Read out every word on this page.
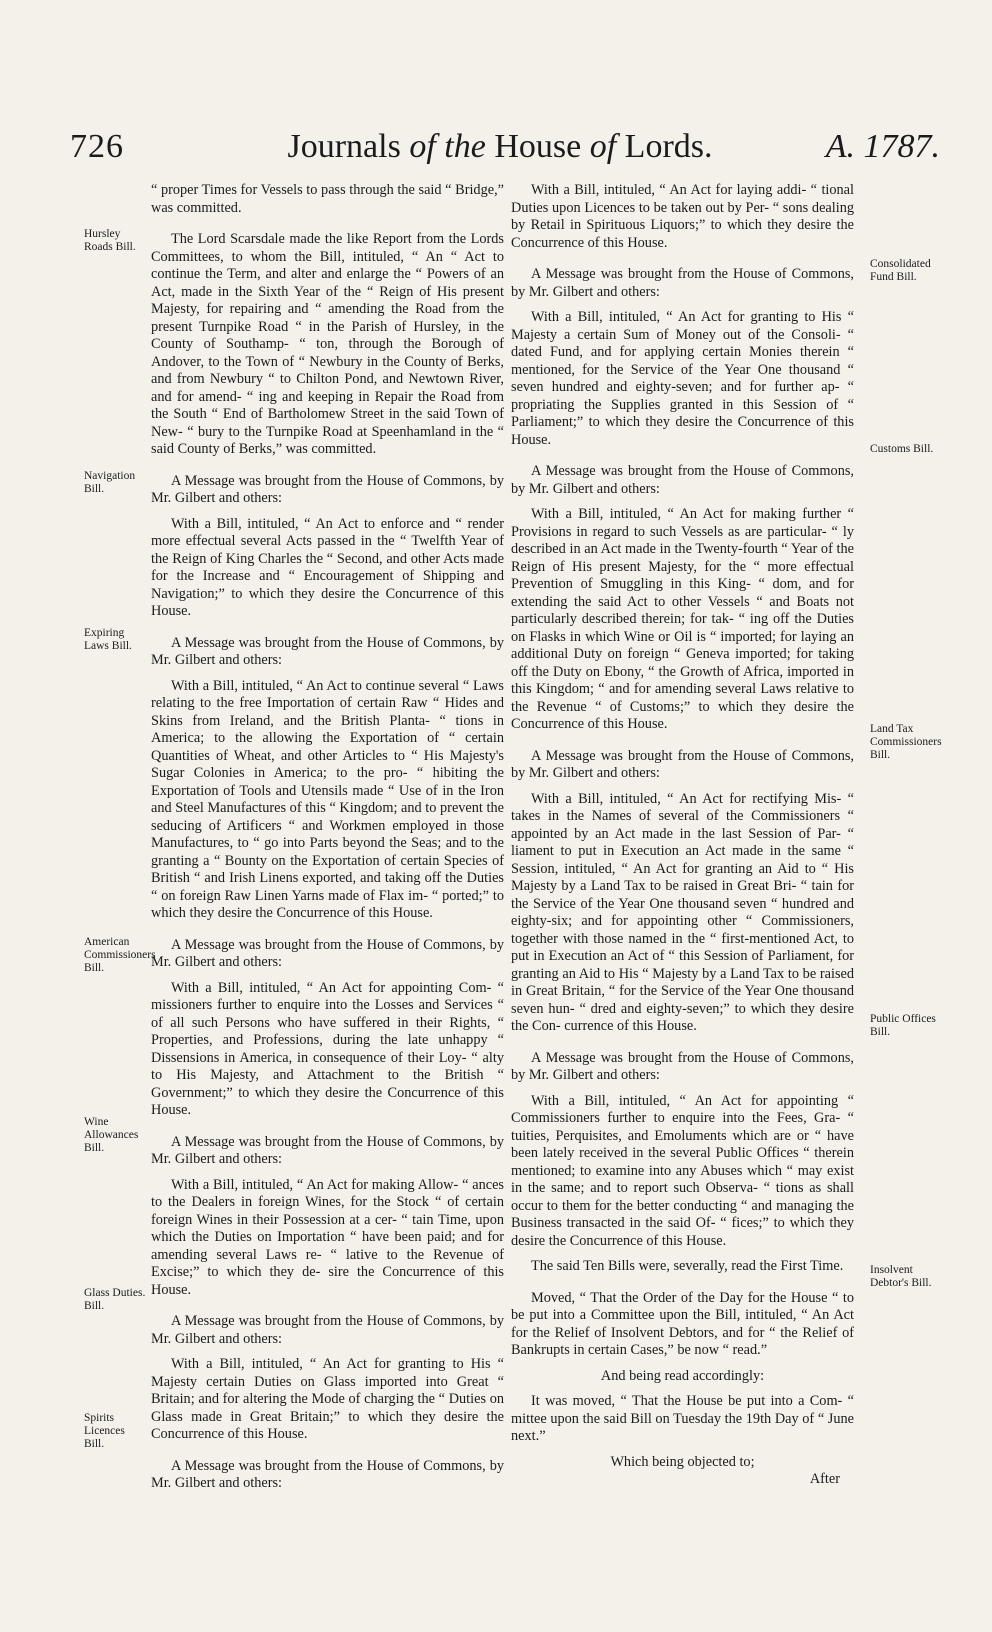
726	Journals of the House of Lords.	A. 1787.
Hursley Roads Bill.
Navigation Bill.
Expiring Laws Bill.
American Commissioners Bill.
Wine Allowances Bill.
Glass Duties. Bill.
Spirits Licences Bill.
Consolidated Fund Bill.
Customs Bill.
Land Tax Commissioners Bill.
Public Offices Bill.
Insolvent Debtor's Bill.

“ proper Times for Vessels to pass through the said “ Bridge,” was committed.

The Lord Scarsdale made the like Report from the Lords Committees, to whom the Bill, intituled, “ An “ Act to continue the Term, and alter and enlarge the “ Powers of an Act, made in the Sixth Year of the “ Reign of His present Majesty, for repairing and “ amending the Road from the present Turnpike Road “ in the Parish of Hursley, in the County of Southamp- “ ton, through the Borough of Andover, to the Town of “ Newbury in the County of Berks, and from Newbury “ to Chilton Pond, and Newtown River, and for amend- “ ing and keeping in Repair the Road from the South “ End of Bartholomew Street in the said Town of New- “ bury to the Turnpike Road at Speenhamland in the “ said County of Berks,” was committed.

A Message was brought from the House of Commons, by Mr. Gilbert and others:

With a Bill, intituled, “ An Act to enforce and “ render more effectual several Acts passed in the “ Twelfth Year of the Reign of King Charles the “ Second, and other Acts made for the Increase and “ Encouragement of Shipping and Navigation;” to which they desire the Concurrence of this House.

A Message was brought from the House of Commons, by Mr. Gilbert and others:

With a Bill, intituled, “ An Act to continue several “ Laws relating to the free Importation of certain Raw “ Hides and Skins from Ireland, and the British Planta- “ tions in America; to the allowing the Exportation of “ certain Quantities of Wheat, and other Articles to “ His Majesty's Sugar Colonies in America; to the pro- “ hibiting the Exportation of Tools and Utensils made “ Use of in the Iron and Steel Manufactures of this “ Kingdom; and to prevent the seducing of Artificers “ and Workmen employed in those Manufactures, to “ go into Parts beyond the Seas; and to the granting a “ Bounty on the Exportation of certain Species of British “ and Irish Linens exported, and taking off the Duties “ on foreign Raw Linen Yarns made of Flax im- “ ported;” to which they desire the Concurrence of this House.

A Message was brought from the House of Commons, by Mr. Gilbert and others:

With a Bill, intituled, “ An Act for appointing Com- “ missioners further to enquire into the Losses and Services “ of all such Persons who have suffered in their Rights, “ Properties, and Professions, during the late unhappy “ Dissensions in America, in consequence of their Loy- “ alty to His Majesty, and Attachment to the British “ Government;” to which they desire the Concurrence of this House.

A Message was brought from the House of Commons, by Mr. Gilbert and others:

With a Bill, intituled, “ An Act for making Allow- “ ances to the Dealers in foreign Wines, for the Stock “ of certain foreign Wines in their Possession at a cer- “ tain Time, upon which the Duties on Importation “ have been paid; and for amending several Laws re- “ lative to the Revenue of Excise;” to which they de- sire the Concurrence of this House.

A Message was brought from the House of Commons, by Mr. Gilbert and others:

With a Bill, intituled, “ An Act for granting to His “ Majesty certain Duties on Glass imported into Great “ Britain; and for altering the Mode of charging the “ Duties on Glass made in Great Britain;” to which they desire the Concurrence of this House.

A Message was brought from the House of Commons, by Mr. Gilbert and others:

With a Bill, intituled, “ An Act for laying addi- “ tional Duties upon Licences to be taken out by Per- “ sons dealing by Retail in Spirituous Liquors;” to which they desire the Concurrence of this House.

A Message was brought from the House of Commons, by Mr. Gilbert and others:

With a Bill, intituled, “ An Act for granting to His “ Majesty a certain Sum of Money out of the Consoli- “ dated Fund, and for applying certain Monies therein “ mentioned, for the Service of the Year One thousand “ seven hundred and eighty-seven; and for further ap- “ propriating the Supplies granted in this Session of “ Parliament;” to which they desire the Concurrence of this House.

A Message was brought from the House of Commons, by Mr. Gilbert and others:

With a Bill, intituled, “ An Act for making further “ Provisions in regard to such Vessels as are particular- “ ly described in an Act made in the Twenty-fourth “ Year of the Reign of His present Majesty, for the “ more effectual Prevention of Smuggling in this King- “ dom, and for extending the said Act to other Vessels “ and Boats not particularly described therein; for tak- “ ing off the Duties on Flasks in which Wine or Oil is “ imported; for laying an additional Duty on foreign “ Geneva imported; for taking off the Duty on Ebony, “ the Growth of Africa, imported in this Kingdom; “ and for amending several Laws relative to the Revenue “ of Customs;” to which they desire the Concurrence of this House.

A Message was brought from the House of Commons, by Mr. Gilbert and others:

With a Bill, intituled, “ An Act for rectifying Mis- “ takes in the Names of several of the Commissioners “ appointed by an Act made in the last Session of Par- “ liament to put in Execution an Act made in the same “ Session, intituled, “ An Act for granting an Aid to “ His Majesty by a Land Tax to be raised in Great Bri- “ tain for the Service of the Year One thousand seven “ hundred and eighty-six; and for appointing other “ Commissioners, together with those named in the “ first-mentioned Act, to put in Execution an Act of “ this Session of Parliament, for granting an Aid to His “ Majesty by a Land Tax to be raised in Great Britain, “ for the Service of the Year One thousand seven hun- “ dred and eighty-seven;” to which they desire the Con- currence of this House.

A Message was brought from the House of Commons, by Mr. Gilbert and others:

With a Bill, intituled, “ An Act for appointing “ Commissioners further to enquire into the Fees, Gra- “ tuities, Perquisites, and Emoluments which are or “ have been lately received in the several Public Offices “ therein mentioned; to examine into any Abuses which “ may exist in the same; and to report such Observa- “ tions as shall occur to them for the better conducting “ and managing the Business transacted in the said Of- “ fices;” to which they desire the Concurrence of this House.

The said Ten Bills were, severally, read the First Time.

Moved, “ That the Order of the Day for the House “ to be put into a Committee upon the Bill, intituled, “ An Act for the Relief of Insolvent Debtors, and for “ the Relief of Bankrupts in certain Cases,” be now “ read.”

And being read accordingly:

It was moved, “ That the House be put into a Com- “ mittee upon the said Bill on Tuesday the 19th Day of “ June next.”

Which being objected to;

After
